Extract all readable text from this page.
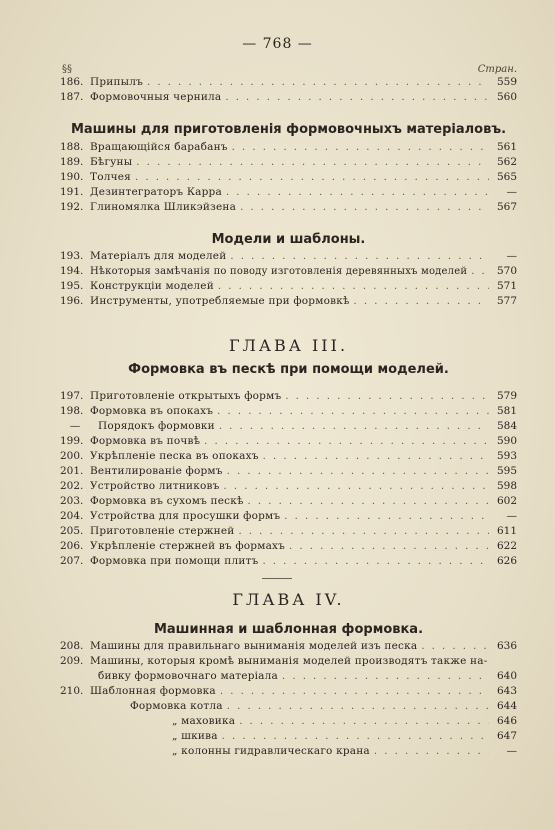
— 768 —
§§	Стран.
186. Припылъ . . .	559
187. Формовочныя чернила . . .	560
Машины для приготовленія формовочныхъ матеріаловъ.
188. Вращающійся барабанъ . . .	561
189. Бѣгуны . . .	562
190. Толчея . . .	565
191. Дезинтеграторъ Карра . . .	—
192. Глиномялка Шликэйзена . . .	567
Модели и шаблоны.
193. Матеріалъ для моделей . . .	—
194. Нѣкоторыя замѣчанія по поводу изготовленія деревянныхъ моделей . . .	570
195. Конструкціи моделей . . .	571
196. Инструменты, употребляемые при формовкѣ . . .	577
ГЛАВА III.
Формовка въ пескѣ при помощи моделей.
197. Приготовленіе открытыхъ формъ . . .	579
198. Формовка въ опокахъ . . .	581
—	Порядокъ формовки . . .	584
199. Формовка въ почвѣ . . .	590
200. Укрѣпленіе песка въ опокахъ . . .	593
201. Вентилированіе формъ . . .	595
202. Устройство литниковъ . . .	598
203. Формовка въ сухомъ пескѣ . . .	602
204. Устройства для просушки формъ . . .	—
205. Приготовленіе стержней . . .	611
206. Укрѣпленіе стержней въ формахъ . . .	622
207. Формовка при помощи плитъ . . .	626
ГЛАВА IV.
Машинная и шаблонная формовка.
208. Машины для правильнаго выниманія моделей изъ песка . . .	636
209. Машины, которыя кромѣ выниманія моделей производятъ также на-
бивку формовочнаго матеріала . . .	640
210. Шаблонная формовка . . .	643
Формовка котла . . .	644
„ маховика . . .	646
„ шкива . . .	647
„ колонны гидравлическаго крана . . .	—
